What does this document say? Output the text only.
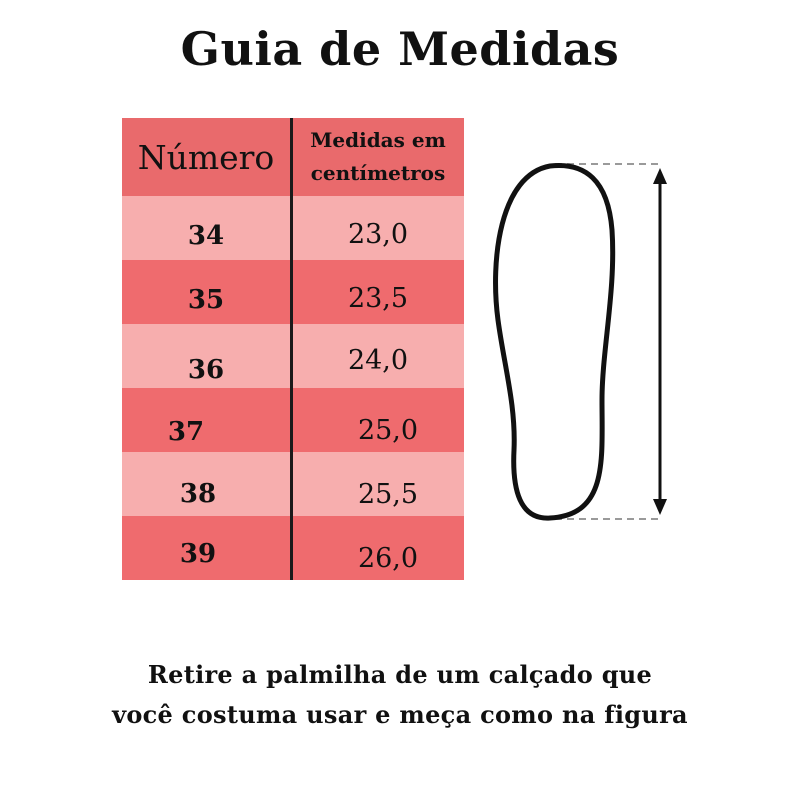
Guia de Medidas
Número	Medidas em
centímetros
34	23,0
35	23,5
36	24,0
37	25,0
38	25,5
39	26,0
Retire a palmilha de um calçado que
você costuma usar e meça como na figura
